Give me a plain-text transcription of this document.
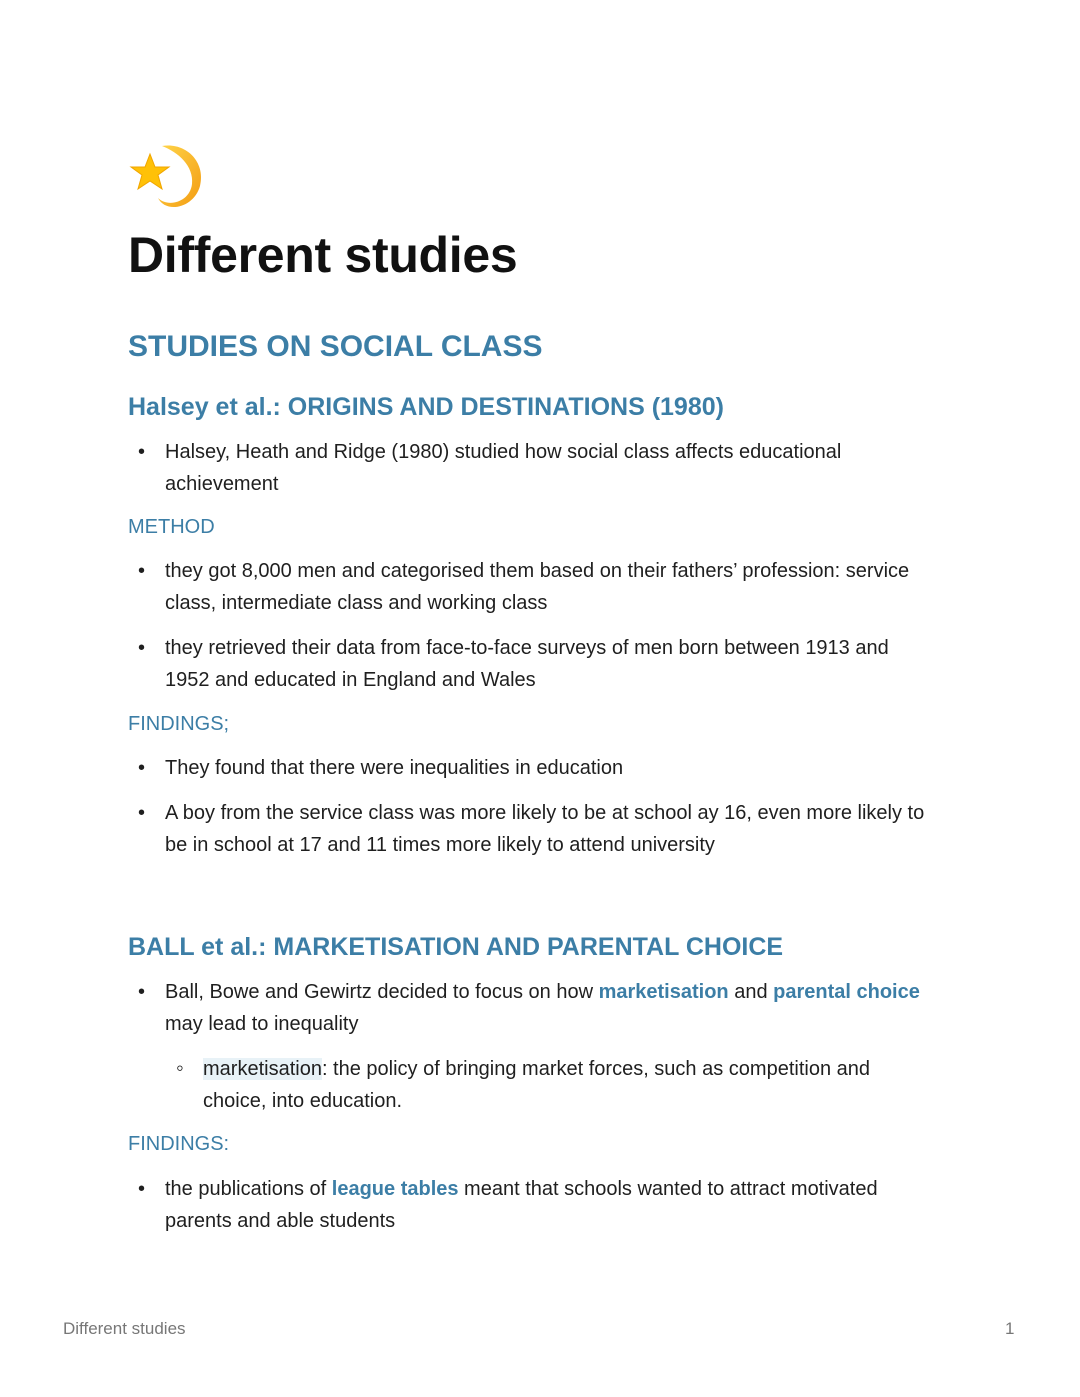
Different studies
STUDIES ON SOCIAL CLASS
Halsey et al.: ORIGINS AND DESTINATIONS (1980)
• Halsey, Heath and Ridge (1980) studied how social class affects educational achievement
METHOD
• they got 8,000 men and categorised them based on their fathers’ profession: service class, intermediate class and working class
• they retrieved their data from face-to-face surveys of men born between 1913 and 1952 and educated in England and Wales
FINDINGS;
• They found that there were inequalities in education
• A boy from the service class was more likely to be at school ay 16, even more likely to be in school at 17 and 11 times more likely to attend university
BALL et al.: MARKETISATION AND PARENTAL CHOICE
• Ball, Bowe and Gewirtz decided to focus on how marketisation and parental choice may lead to inequality
◦ marketisation: the policy of bringing market forces, such as competition and choice, into education.
FINDINGS:
• the publications of league tables meant that schools wanted to attract motivated parents and able students
Different studies	1
